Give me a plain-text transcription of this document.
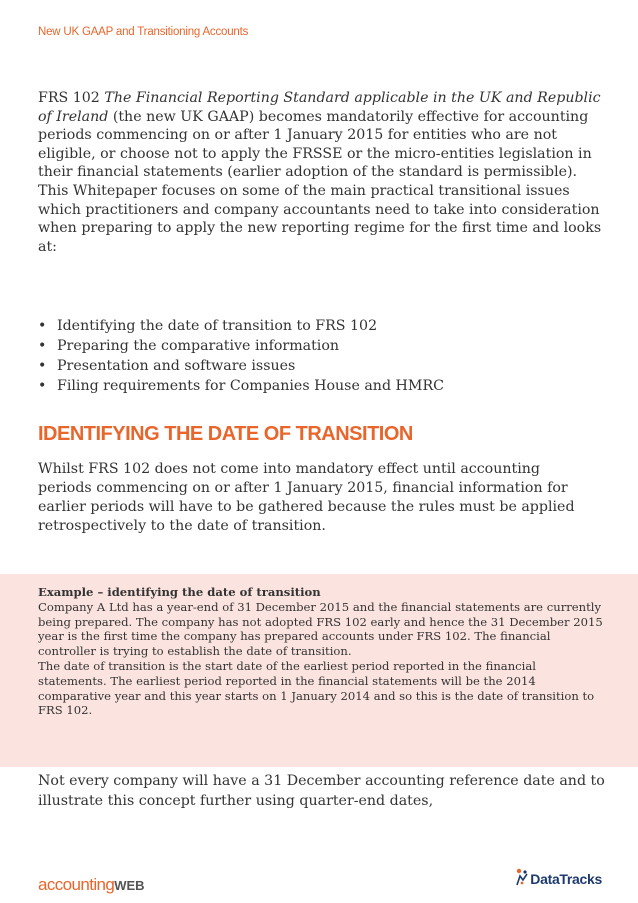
New UK GAAP and Transitioning Accounts

FRS 102 The Financial Reporting Standard applicable in the UK and Republic of Ireland (the new UK GAAP) becomes mandatorily effective for accounting periods commencing on or after 1 January 2015 for entities who are not eligible, or choose not to apply the FRSSE or the micro-entities legislation in their financial statements (earlier adoption of the standard is permissible). This Whitepaper focuses on some of the main practical transitional issues which practitioners and company accountants need to take into consideration when preparing to apply the new reporting regime for the first time and looks at:

• Identifying the date of transition to FRS 102
• Preparing the comparative information
• Presentation and software issues
• Filing requirements for Companies House and HMRC
IDENTIFYING THE DATE OF TRANSITION

Whilst FRS 102 does not come into mandatory effect until accounting periods commencing on or after 1 January 2015, financial information for earlier periods will have to be gathered because the rules must be applied retrospectively to the date of transition.

Example – identifying the date of transition

Company A Ltd has a year-end of 31 December 2015 and the financial statements are currently being prepared. The company has not adopted FRS 102 early and hence the 31 December 2015 year is the first time the company has prepared accounts under FRS 102. The financial controller is trying to establish the date of transition.

The date of transition is the start date of the earliest period reported in the financial statements. The earliest period reported in the financial statements will be the 2014 comparative year and this year starts on 1 January 2014 and so this is the date of transition to FRS 102.

Not every company will have a 31 December accounting reference date and to illustrate this concept further using quarter-end dates,

accountingWEB	DataTracks
